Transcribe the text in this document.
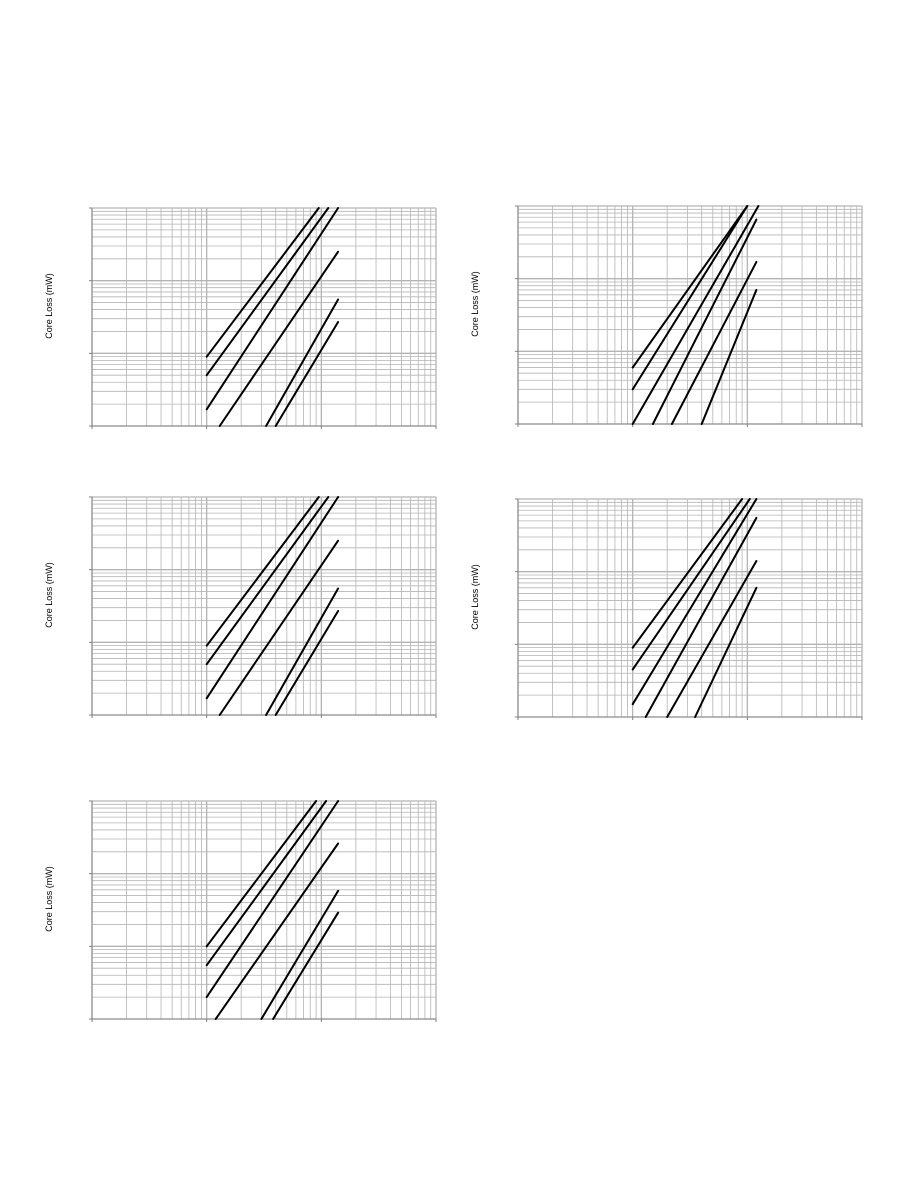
Core Loss (mW)	Core Loss (mW)
Core Loss (mW)	Core Loss (mW)
Core Loss (mW)
